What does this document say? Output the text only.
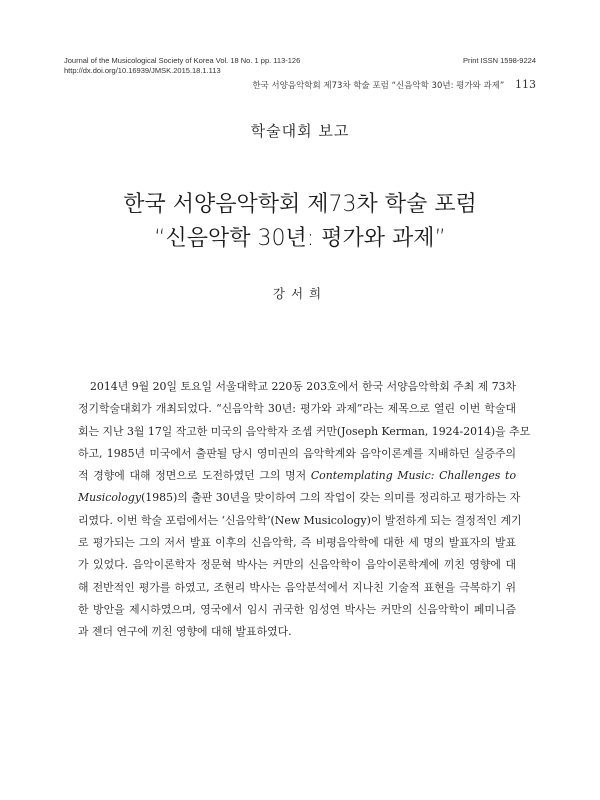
Journal of the Musicological Society of Korea Vol. 18 No. 1 pp. 113-126
http://dx.doi.org/10.16939/JMSK.2015.18.1.113
Print ISSN 1598-9224
한국 서양음악학회 제73차 학술 포럼 “신음악학 30년: 평가와 과제” 113
학술대회 보고
한국 서양음악학회 제73차 학술 포럼
“신음악학 30년: 평가와 과제”
강서희
2014년 9월 20일 토요일 서울대학교 220동 203호에서 한국 서양음악학회 주최 제 73차
정기학술대회가 개최되었다. “신음악학 30년: 평가와 과제”라는 제목으로 열린 이번 학술대
회는 지난 3월 17일 작고한 미국의 음악학자 조셉 커만(Joseph Kerman, 1924-2014)을 추모
하고, 1985년 미국에서 출판될 당시 영미권의 음악학계와 음악이론계를 지배하던 실증주의
적 경향에 대해 정면으로 도전하였던 그의 명저 Contemplating Music: Challenges to
Musicology(1985)의 출판 30년을 맞이하여 그의 작업이 갖는 의미를 정리하고 평가하는 자
리였다. 이번 학술 포럼에서는 ‘신음악학’(New Musicology)이 발전하게 되는 결정적인 계기
로 평가되는 그의 저서 발표 이후의 신음악학, 즉 비평음악학에 대한 세 명의 발표자의 발표
가 있었다. 음악이론학자 정문혁 박사는 커만의 신음악학이 음악이론학계에 끼친 영향에 대
해 전반적인 평가를 하였고, 조현리 박사는 음악분석에서 지나친 기술적 표현을 극복하기 위
한 방안을 제시하였으며, 영국에서 임시 귀국한 임성연 박사는 커만의 신음악학이 페미니즘
과 젠더 연구에 끼친 영향에 대해 발표하였다.
